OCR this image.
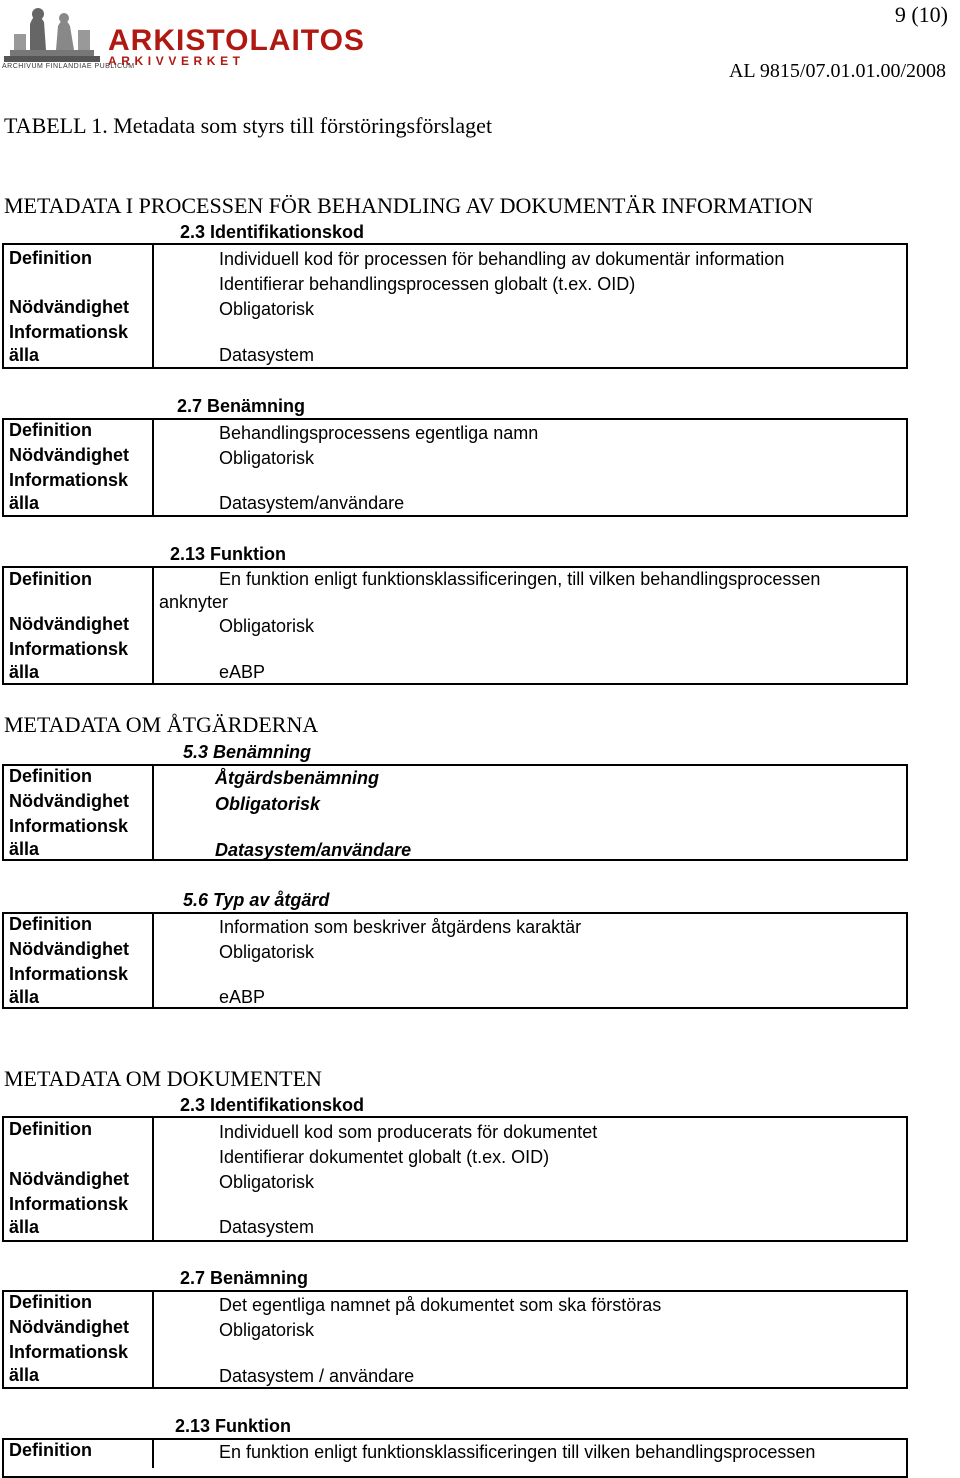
ARCHIVUM FINLANDIAE PUBLICUM
ARKISTOLAITOS
ARKIVVERKET
9 (10)
AL 9815/07.01.01.00/2008
TABELL 1. Metadata som styrs till förstöringsförslaget
METADATA I PROCESSEN FÖR BEHANDLING AV DOKUMENTÄR INFORMATION
2.3 Identifikationskod
Definition
Nödvändighet
Informationsk
älla
Individuell kod för processen för behandling av dokumentär information
Identifierar behandlingsprocessen globalt (t.ex. OID)
Obligatorisk
Datasystem
2.7 Benämning
Definition
Nödvändighet
Informationsk
älla
Behandlingsprocessens egentliga namn
Obligatorisk
Datasystem/användare
2.13 Funktion
Definition
Nödvändighet
Informationsk
älla
En funktion enligt funktionsklassificeringen, till vilken behandlingsprocessen
anknyter
Obligatorisk
eABP
METADATA OM ÅTGÄRDERNA
5.3 Benämning
Definition
Nödvändighet
Informationsk
älla
Åtgärdsbenämning
Obligatorisk
Datasystem/användare
5.6 Typ av åtgärd
Definition
Nödvändighet
Informationsk
älla
Information som beskriver åtgärdens karaktär
Obligatorisk
eABP
METADATA OM DOKUMENTEN
2.3 Identifikationskod
Definition
Nödvändighet
Informationsk
älla
Individuell kod som producerats för dokumentet
Identifierar dokumentet globalt (t.ex. OID)
Obligatorisk
Datasystem
2.7 Benämning
Definition
Nödvändighet
Informationsk
älla
Det egentliga namnet på dokumentet som ska förstöras
Obligatorisk
Datasystem / användare
2.13 Funktion
Definition	En funktion enligt funktionsklassificeringen till vilken behandlingsprocessen
